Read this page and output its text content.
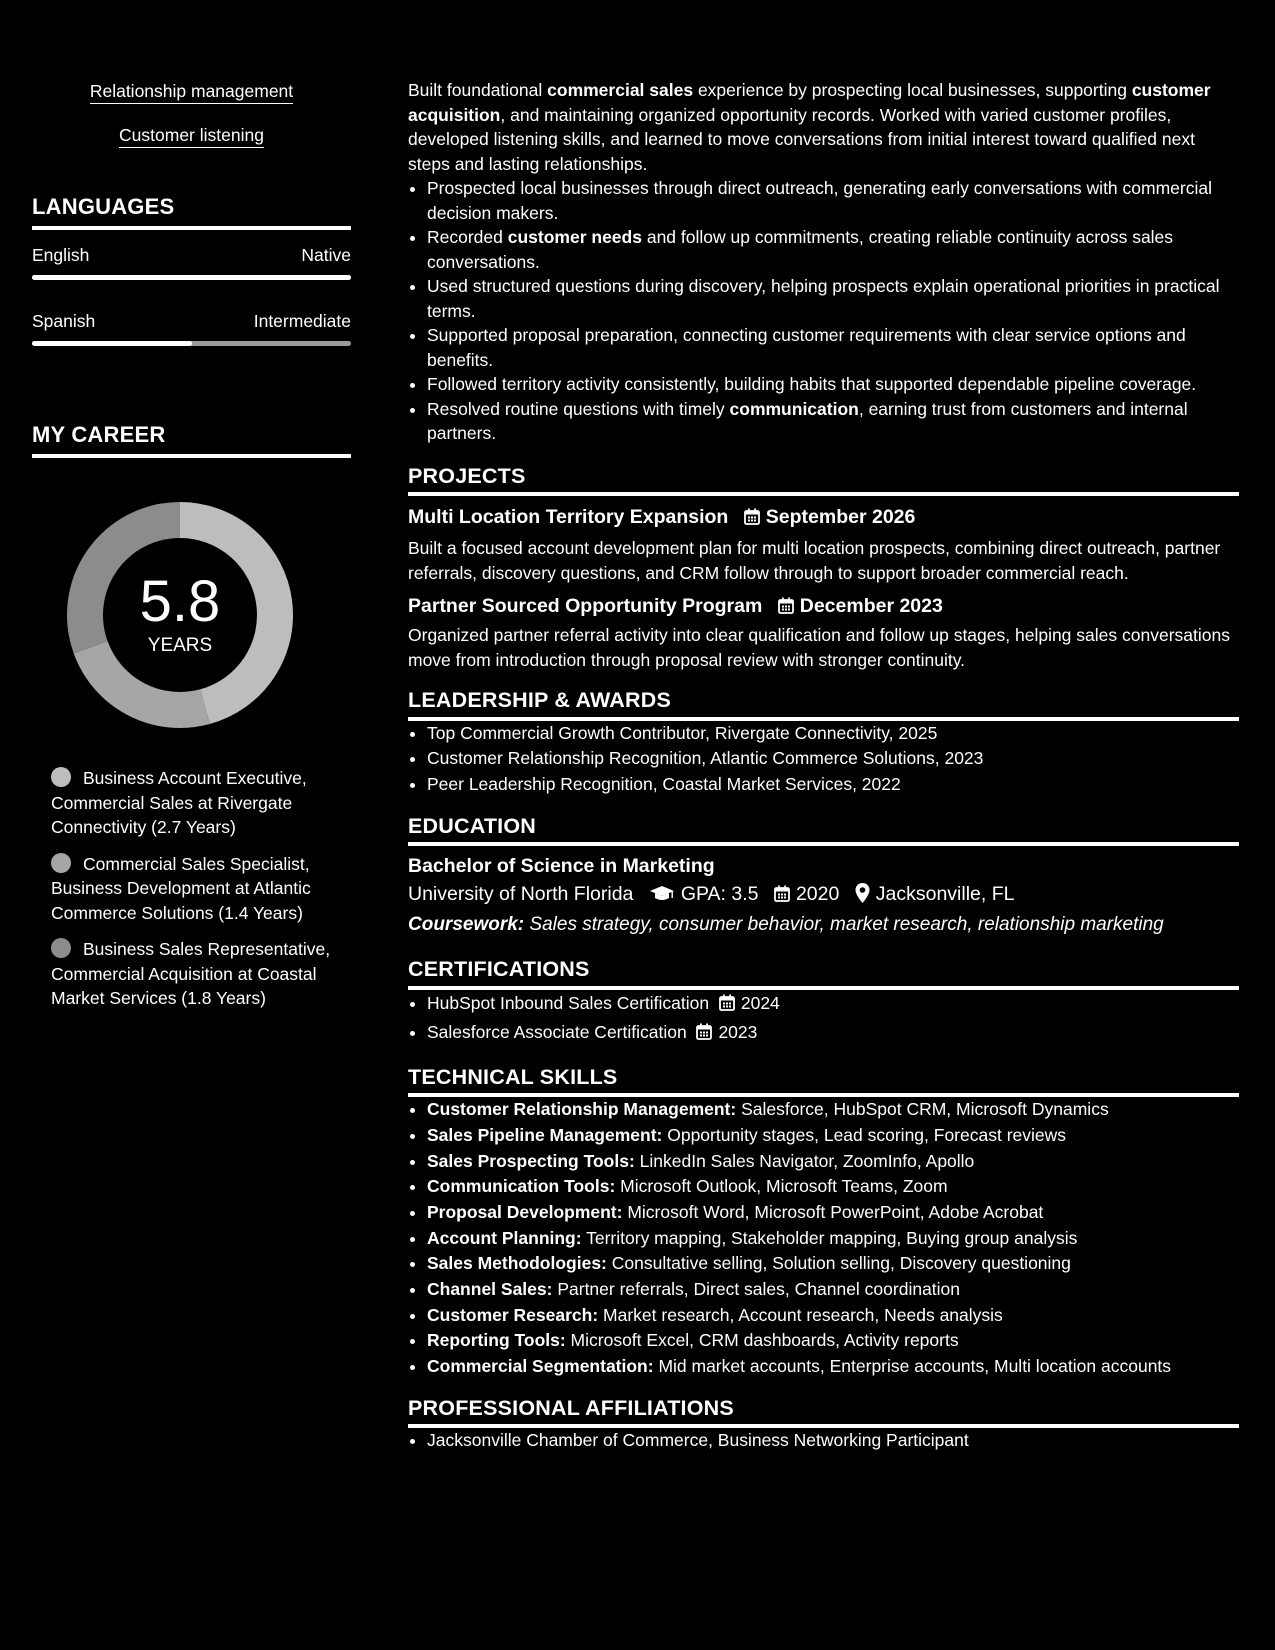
Relationship management
Customer listening
LANGUAGES
English	Native
Spanish	Intermediate
MY CAREER
5.8
YEARS
Business Account Executive, Commercial Sales at Rivergate Connectivity (2.7 Years)
Commercial Sales Specialist, Business Development at Atlantic Commerce Solutions (1.4 Years)
Business Sales Representative, Commercial Acquisition at Coastal Market Services (1.8 Years)
Built foundational commercial sales experience by prospecting local businesses, supporting customer acquisition, and maintaining organized opportunity records. Worked with varied customer profiles, developed listening skills, and learned to move conversations from initial interest toward qualified next steps and lasting relationships.
• Prospected local businesses through direct outreach, generating early conversations with commercial decision makers.
• Recorded customer needs and follow up commitments, creating reliable continuity across sales conversations.
• Used structured questions during discovery, helping prospects explain operational priorities in practical terms.
• Supported proposal preparation, connecting customer requirements with clear service options and benefits.
• Followed territory activity consistently, building habits that supported dependable pipeline coverage.
• Resolved routine questions with timely communication, earning trust from customers and internal partners.
PROJECTS
Multi Location Territory Expansion September 2026
Built a focused account development plan for multi location prospects, combining direct outreach, partner referrals, discovery questions, and CRM follow through to support broader commercial reach.
Partner Sourced Opportunity Program December 2023
Organized partner referral activity into clear qualification and follow up stages, helping sales conversations move from introduction through proposal review with stronger continuity.
LEADERSHIP & AWARDS
• Top Commercial Growth Contributor, Rivergate Connectivity, 2025
• Customer Relationship Recognition, Atlantic Commerce Solutions, 2023
• Peer Leadership Recognition, Coastal Market Services, 2022
EDUCATION
Bachelor of Science in Marketing
University of North Florida GPA: 3.5 2020 Jacksonville, FL
Coursework: Sales strategy, consumer behavior, market research, relationship marketing
CERTIFICATIONS
• HubSpot Inbound Sales Certification 2024
• Salesforce Associate Certification 2023
TECHNICAL SKILLS
• Customer Relationship Management: Salesforce, HubSpot CRM, Microsoft Dynamics
• Sales Pipeline Management: Opportunity stages, Lead scoring, Forecast reviews
• Sales Prospecting Tools: LinkedIn Sales Navigator, ZoomInfo, Apollo
• Communication Tools: Microsoft Outlook, Microsoft Teams, Zoom
• Proposal Development: Microsoft Word, Microsoft PowerPoint, Adobe Acrobat
• Account Planning: Territory mapping, Stakeholder mapping, Buying group analysis
• Sales Methodologies: Consultative selling, Solution selling, Discovery questioning
• Channel Sales: Partner referrals, Direct sales, Channel coordination
• Customer Research: Market research, Account research, Needs analysis
• Reporting Tools: Microsoft Excel, CRM dashboards, Activity reports
• Commercial Segmentation: Mid market accounts, Enterprise accounts, Multi location accounts
PROFESSIONAL AFFILIATIONS
• Jacksonville Chamber of Commerce, Business Networking Participant
